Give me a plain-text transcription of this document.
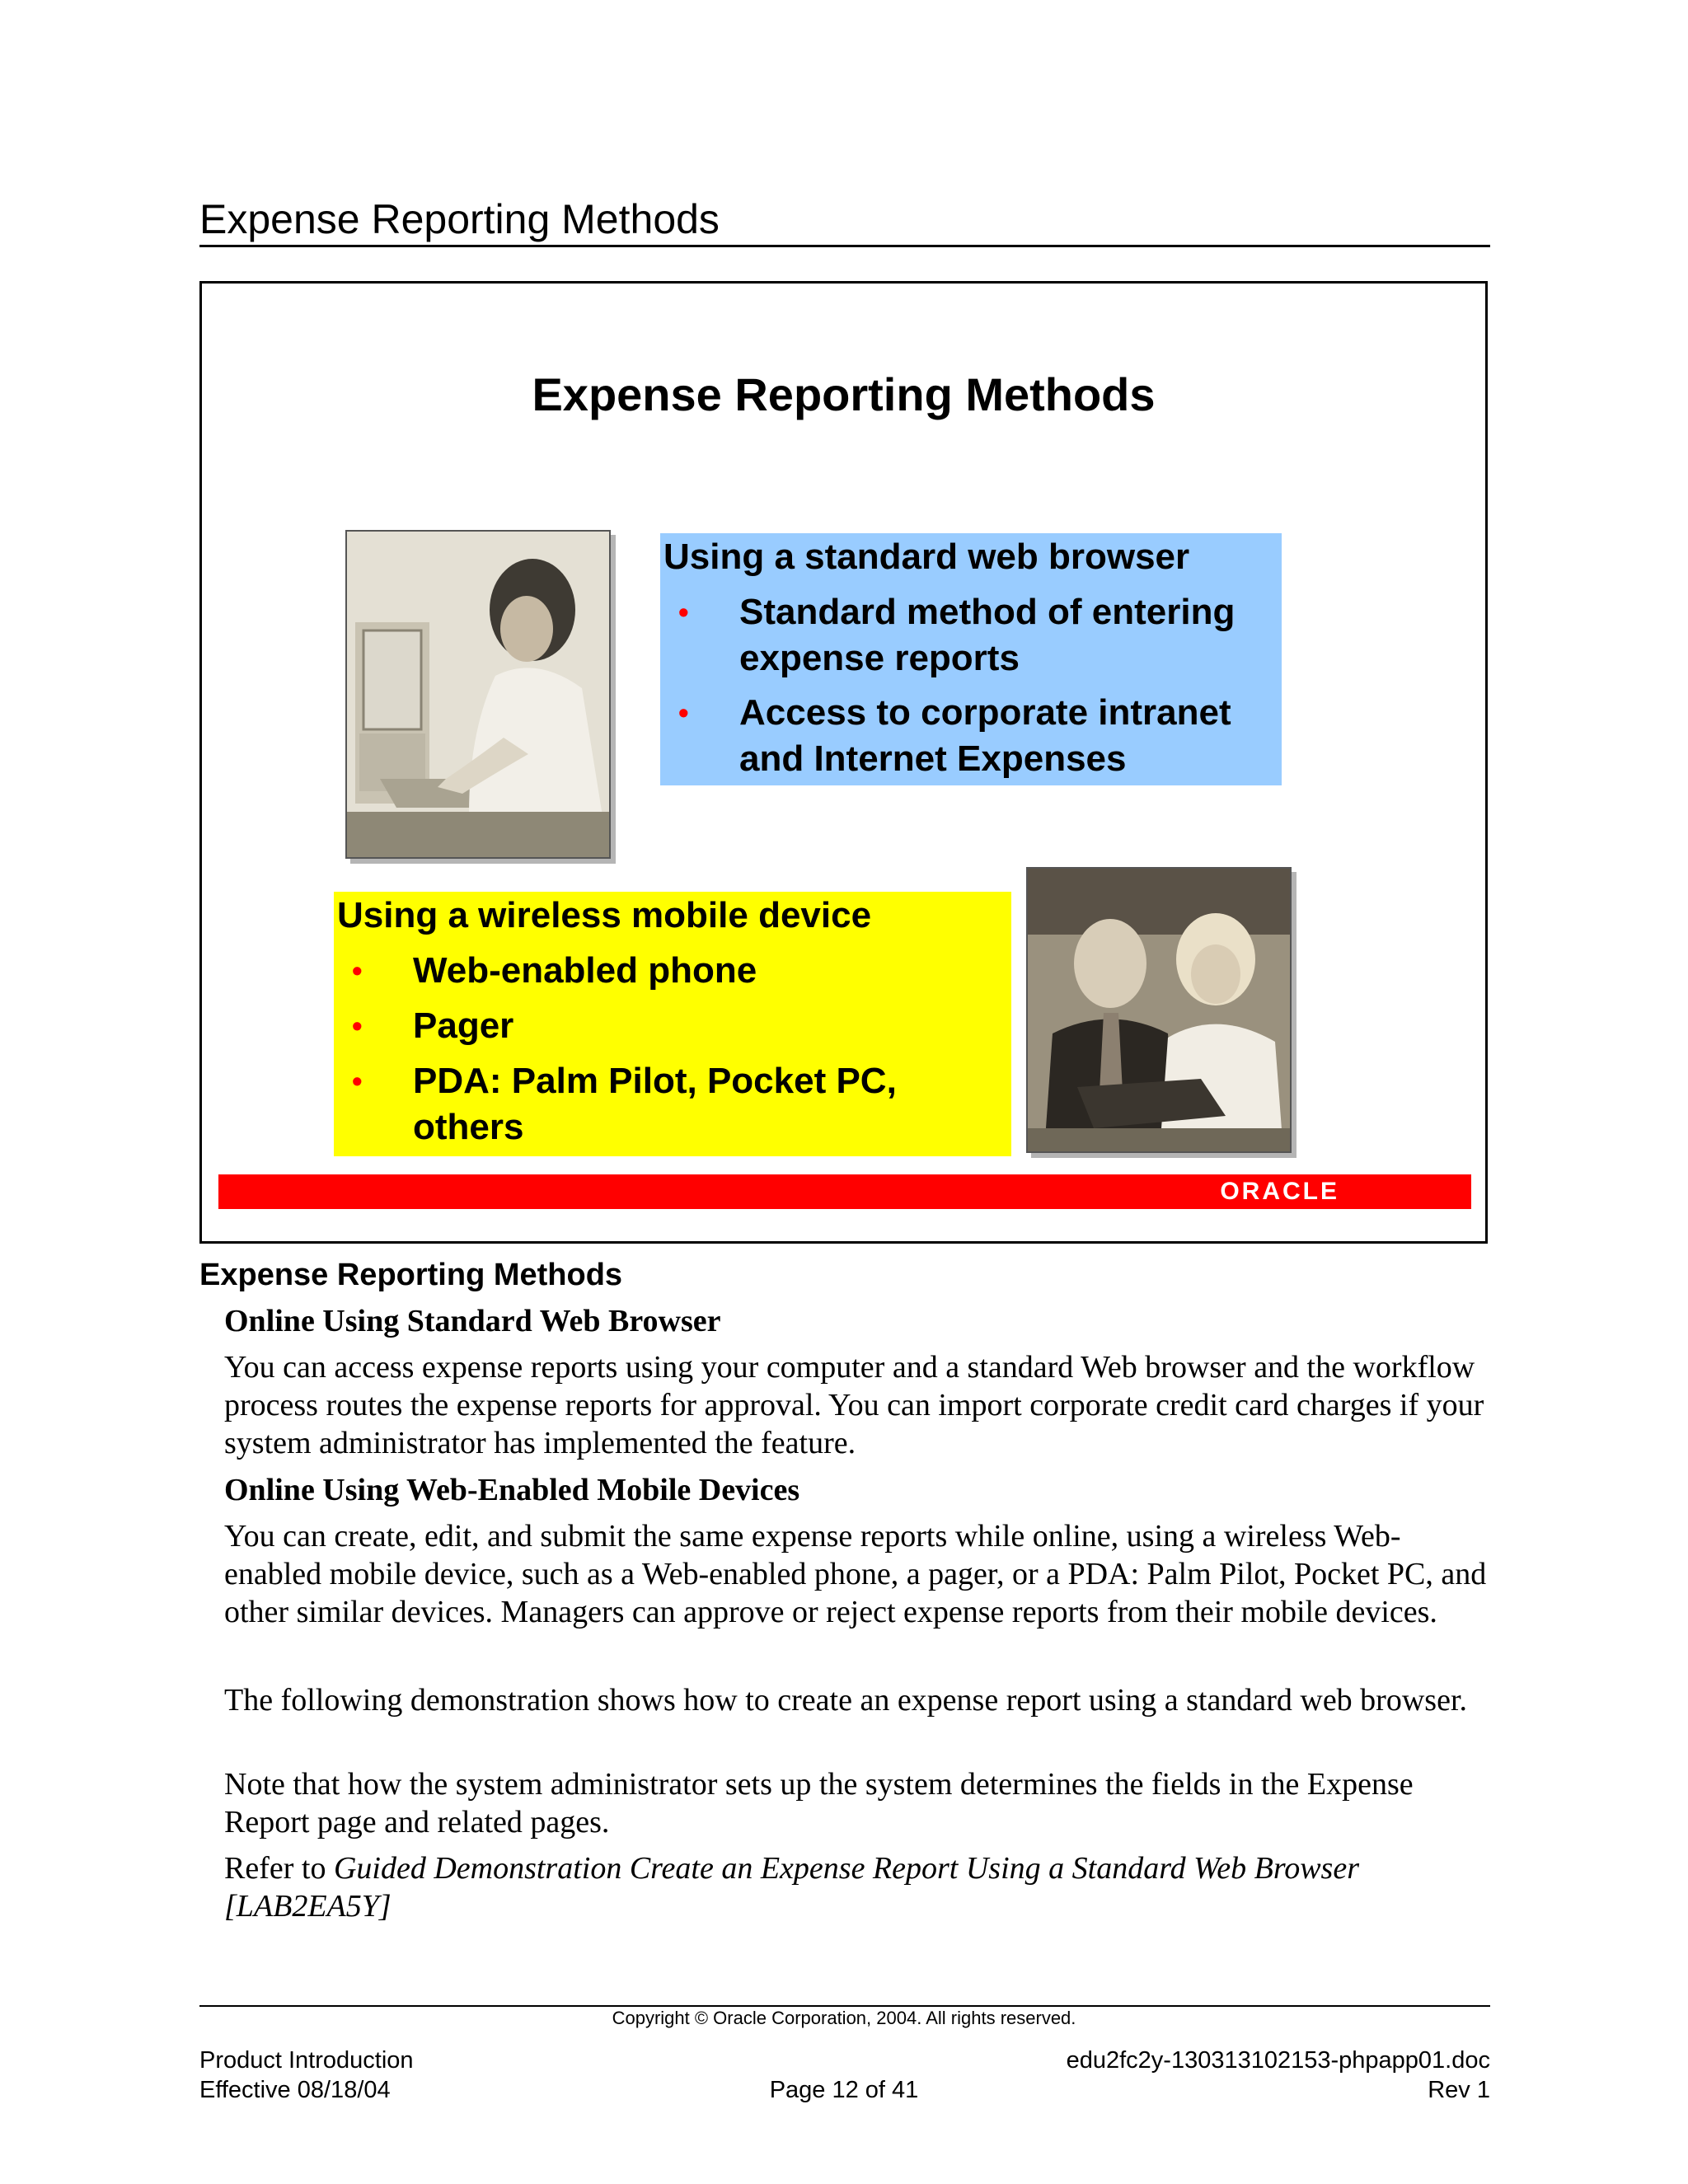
Expense Reporting Methods
Expense Reporting Methods
Using a standard web browser
• Standard method of entering expense reports
• Access to corporate intranet and Internet Expenses
Using a wireless mobile device
• Web-enabled phone
• Pager
• PDA: Palm Pilot, Pocket PC, others
ORACLE
Expense Reporting Methods
Online Using Standard Web Browser

You can access expense reports using your computer and a standard Web browser and the workflow process routes the expense reports for approval. You can import corporate credit card charges if your system administrator has implemented the feature.

Online Using Web-Enabled Mobile Devices

You can create, edit, and submit the same expense reports while online, using a wireless Web-enabled mobile device, such as a Web-enabled phone, a pager, or a PDA: Palm Pilot, Pocket PC, and other similar devices. Managers can approve or reject expense reports from their mobile devices.

The following demonstration shows how to create an expense report using a standard web browser.

Note that how the system administrator sets up the system determines the fields in the Expense Report page and related pages.

Refer to Guided Demonstration Create an Expense Report Using a Standard Web Browser [LAB2EA5Y]

Copyright © Oracle Corporation, 2004. All rights reserved.
Product Introduction
Effective 08/18/04	Page 12 of 41
edu2fc2y-130313102153-phpapp01.doc
Rev 1
